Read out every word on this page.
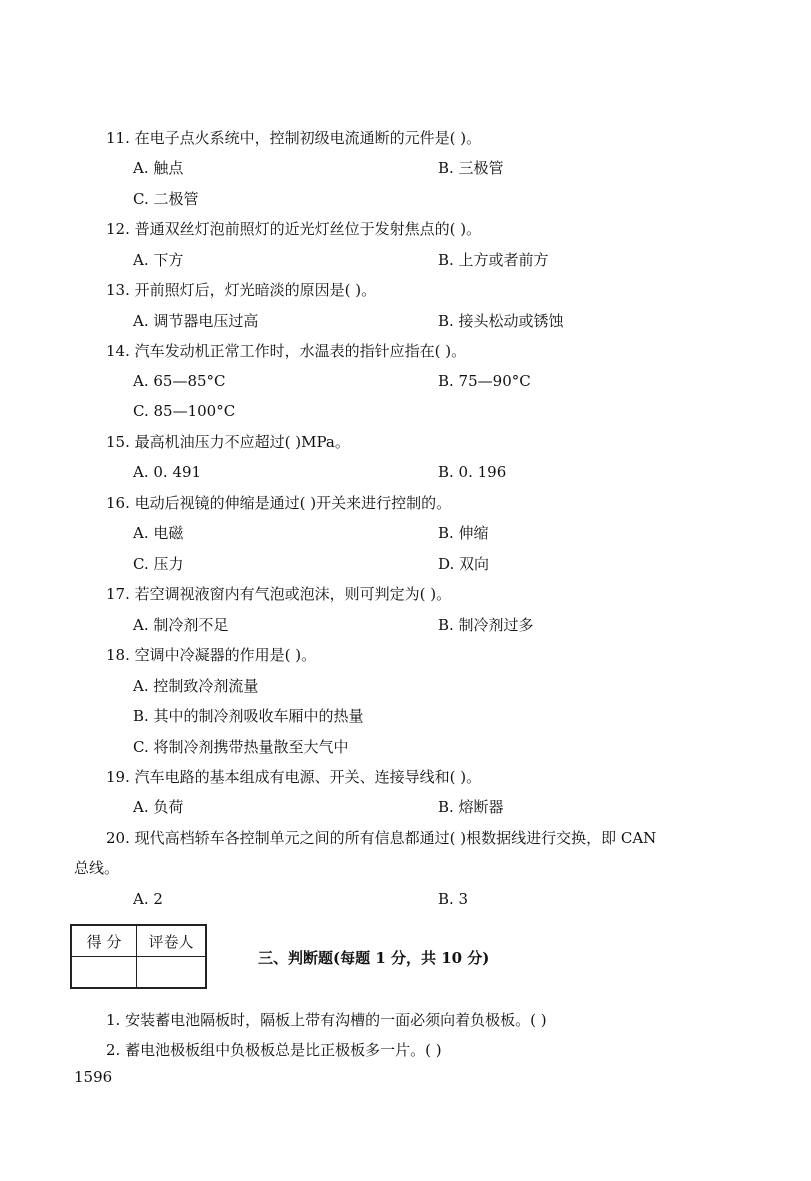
11. 在电子点火系统中，控制初级电流通断的元件是( )。
A. 触点	B. 三极管
C. 二极管
12. 普通双丝灯泡前照灯的近光灯丝位于发射焦点的( )。
A. 下方	B. 上方或者前方
13. 开前照灯后，灯光暗淡的原因是( )。
A. 调节器电压过高	B. 接头松动或锈蚀
14. 汽车发动机正常工作时，水温表的指针应指在( )。
A. 65—85°C	B. 75—90°C
C. 85—100°C
15. 最高机油压力不应超过( )MPa。
A. 0. 491	B. 0. 196
16. 电动后视镜的伸缩是通过( )开关来进行控制的。
A. 电磁	B. 伸缩
C. 压力	D. 双向
17. 若空调视液窗内有气泡或泡沫，则可判定为( )。
A. 制冷剂不足	B. 制冷剂过多
18. 空调中冷凝器的作用是( )。
A. 控制致冷剂流量
B. 其中的制冷剂吸收车厢中的热量
C. 将制冷剂携带热量散至大气中
19. 汽车电路的基本组成有电源、开关、连接导线和( )。
A. 负荷	B. 熔断器
20. 现代高档轿车各控制单元之间的所有信息都通过( )根数据线进行交换，即 CAN
总线。
A. 2	B. 3
得 分	评卷人

三、判断题(每题 1 分，共 10 分)
1. 安装蓄电池隔板时，隔板上带有沟槽的一面必须向着负极板。( )
2. 蓄电池极板组中负极板总是比正极板多一片。( )
1596
